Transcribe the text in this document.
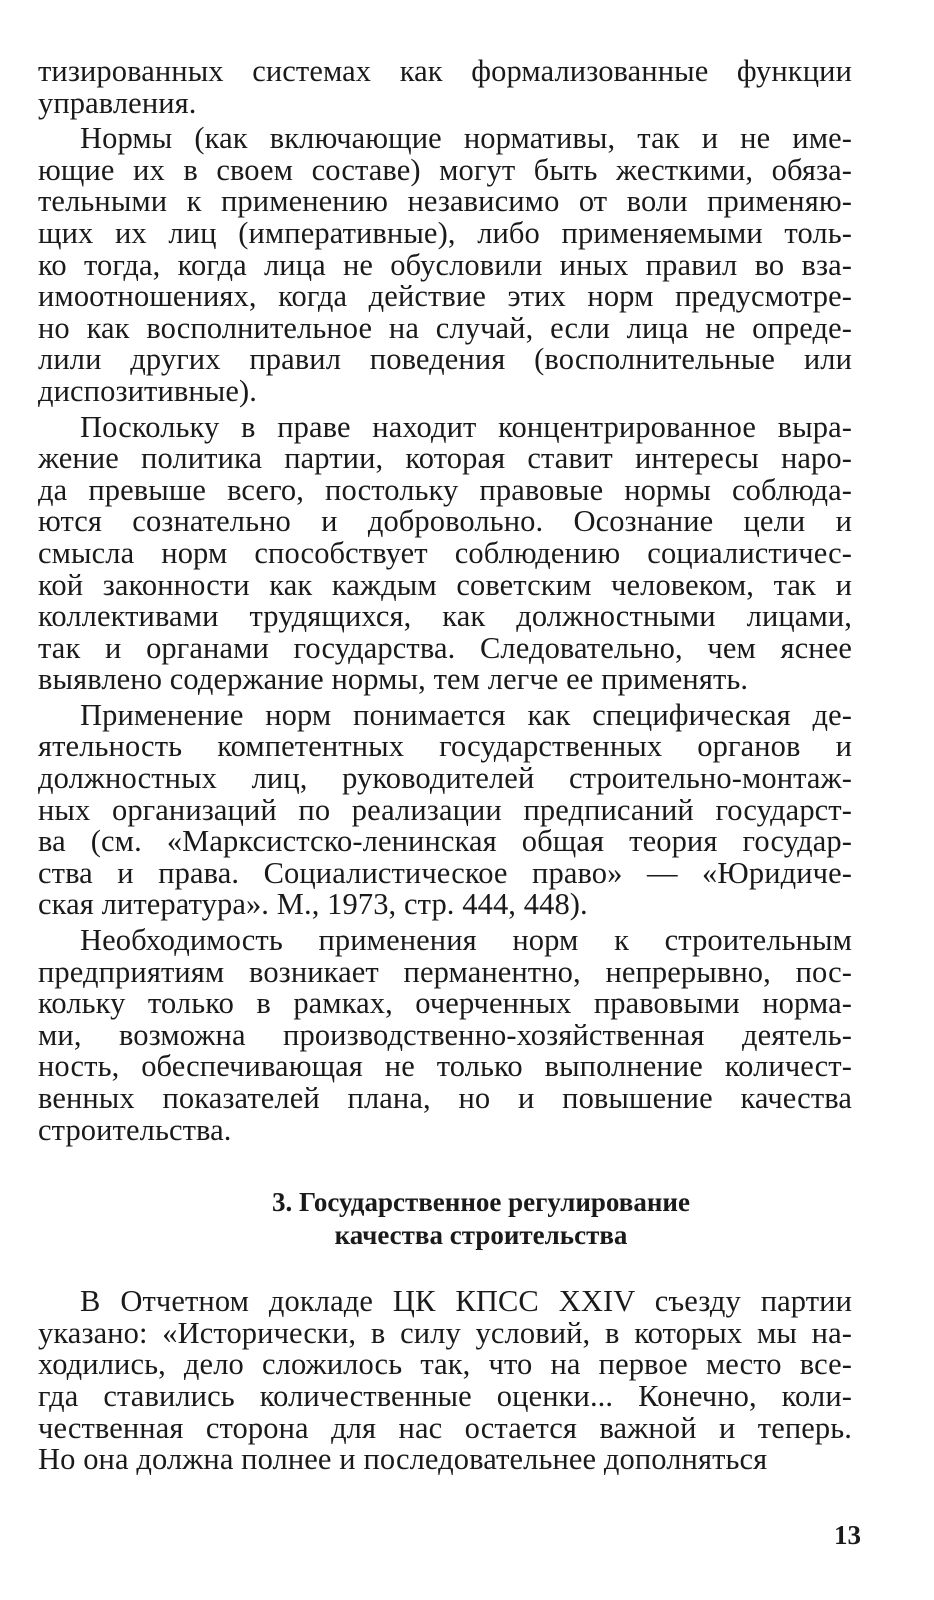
тизированных системах как формализованные функции
управления.
Нормы (как включающие нормативы, так и не име-
ющие их в своем составе) могут быть жесткими, обяза-
тельными к применению независимо от воли применяю-
щих их лиц (императивные), либо применяемыми толь-
ко тогда, когда лица не обусловили иных правил во вза-
имоотношениях, когда действие этих норм предусмотре-
но как восполнительное на случай, если лица не опреде-
лили других правил поведения (восполнительные или
диспозитивные).
Поскольку в праве находит концентрированное выра-
жение политика партии, которая ставит интересы наро-
да превыше всего, постольку правовые нормы соблюда-
ются сознательно и добровольно. Осознание цели и
смысла норм способствует соблюдению социалистичес-
кой законности как каждым советским человеком, так и
коллективами трудящихся, как должностными лицами,
так и органами государства. Следовательно, чем яснее
выявлено содержание нормы, тем легче ее применять.
Применение норм понимается как специфическая де-
ятельность компетентных государственных органов и
должностных лиц, руководителей строительно-монтаж-
ных организаций по реализации предписаний государст-
ва (см. «Марксистско-ленинская общая теория государ-
ства и права. Социалистическое право» — «Юридиче-
ская литература». М., 1973, стр. 444, 448).
Необходимость применения норм к строительным
предприятиям возникает перманентно, непрерывно, пос-
кольку только в рамках, очерченных правовыми норма-
ми, возможна производственно-хозяйственная деятель-
ность, обеспечивающая не только выполнение количест-
венных показателей плана, но и повышение качества
строительства.
3. Государственное регулирование
качества строительства
В Отчетном докладе ЦК КПСС XXIV съезду партии
указано: «Исторически, в силу условий, в которых мы на-
ходились, дело сложилось так, что на первое место все-
гда ставились количественные оценки... Конечно, коли-
чественная сторона для нас остается важной и теперь.
Но она должна полнее и последовательнее дополняться
13
